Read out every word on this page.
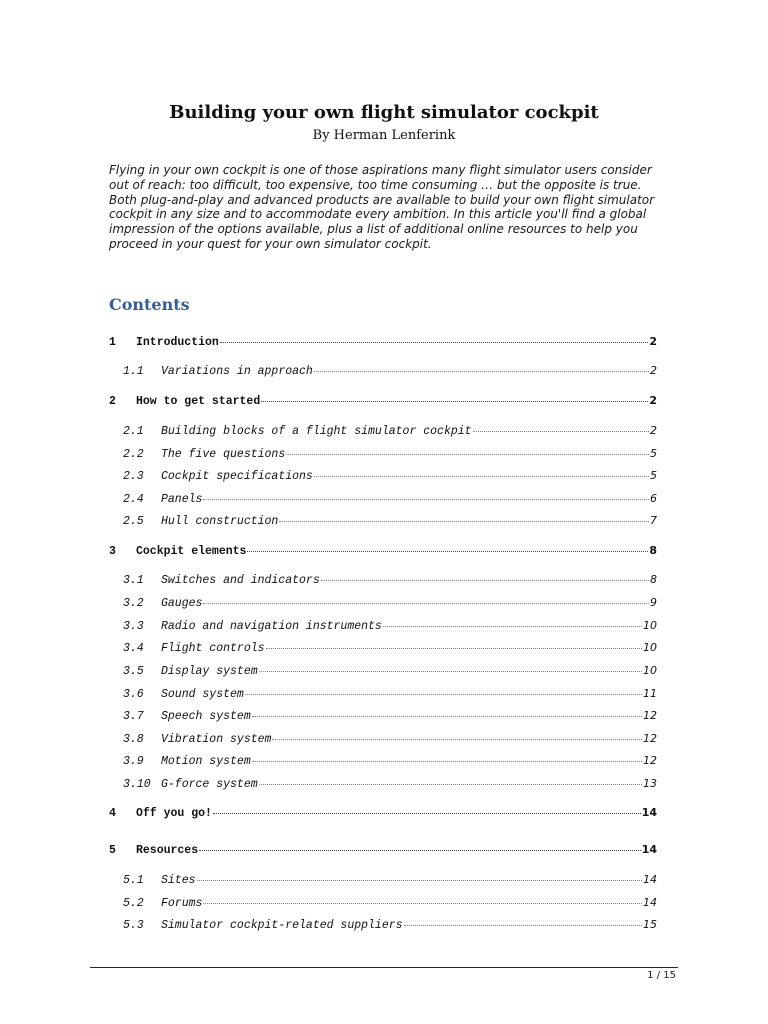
Building your own flight simulator cockpit
By Herman Lenferink
Flying in your own cockpit is one of those aspirations many flight simulator users consider out of reach: too difficult, too expensive, too time consuming … but the opposite is true. Both plug-and-play and advanced products are available to build your own flight simulator cockpit in any size and to accommodate every ambition. In this article you'll find a global impression of the options available, plus a list of additional online resources to help you proceed in your quest for your own simulator cockpit.
Contents
1	Introduction	2
1.1	Variations in approach	2
2	How to get started	2
2.1	Building blocks of a flight simulator cockpit	2
2.2	The five questions	5
2.3	Cockpit specifications	5
2.4	Panels	6
2.5	Hull construction	7
3	Cockpit elements	8
3.1	Switches and indicators	8
3.2	Gauges	9
3.3	Radio and navigation instruments	10
3.4	Flight controls	10
3.5	Display system	10
3.6	Sound system	11
3.7	Speech system	12
3.8	Vibration system	12
3.9	Motion system	12
3.10 G-force system	13
4	Off you go!	14
5	Resources	14
5.1	Sites	14
5.2	Forums	14
5.3	Simulator cockpit-related suppliers	15
1 / 15
